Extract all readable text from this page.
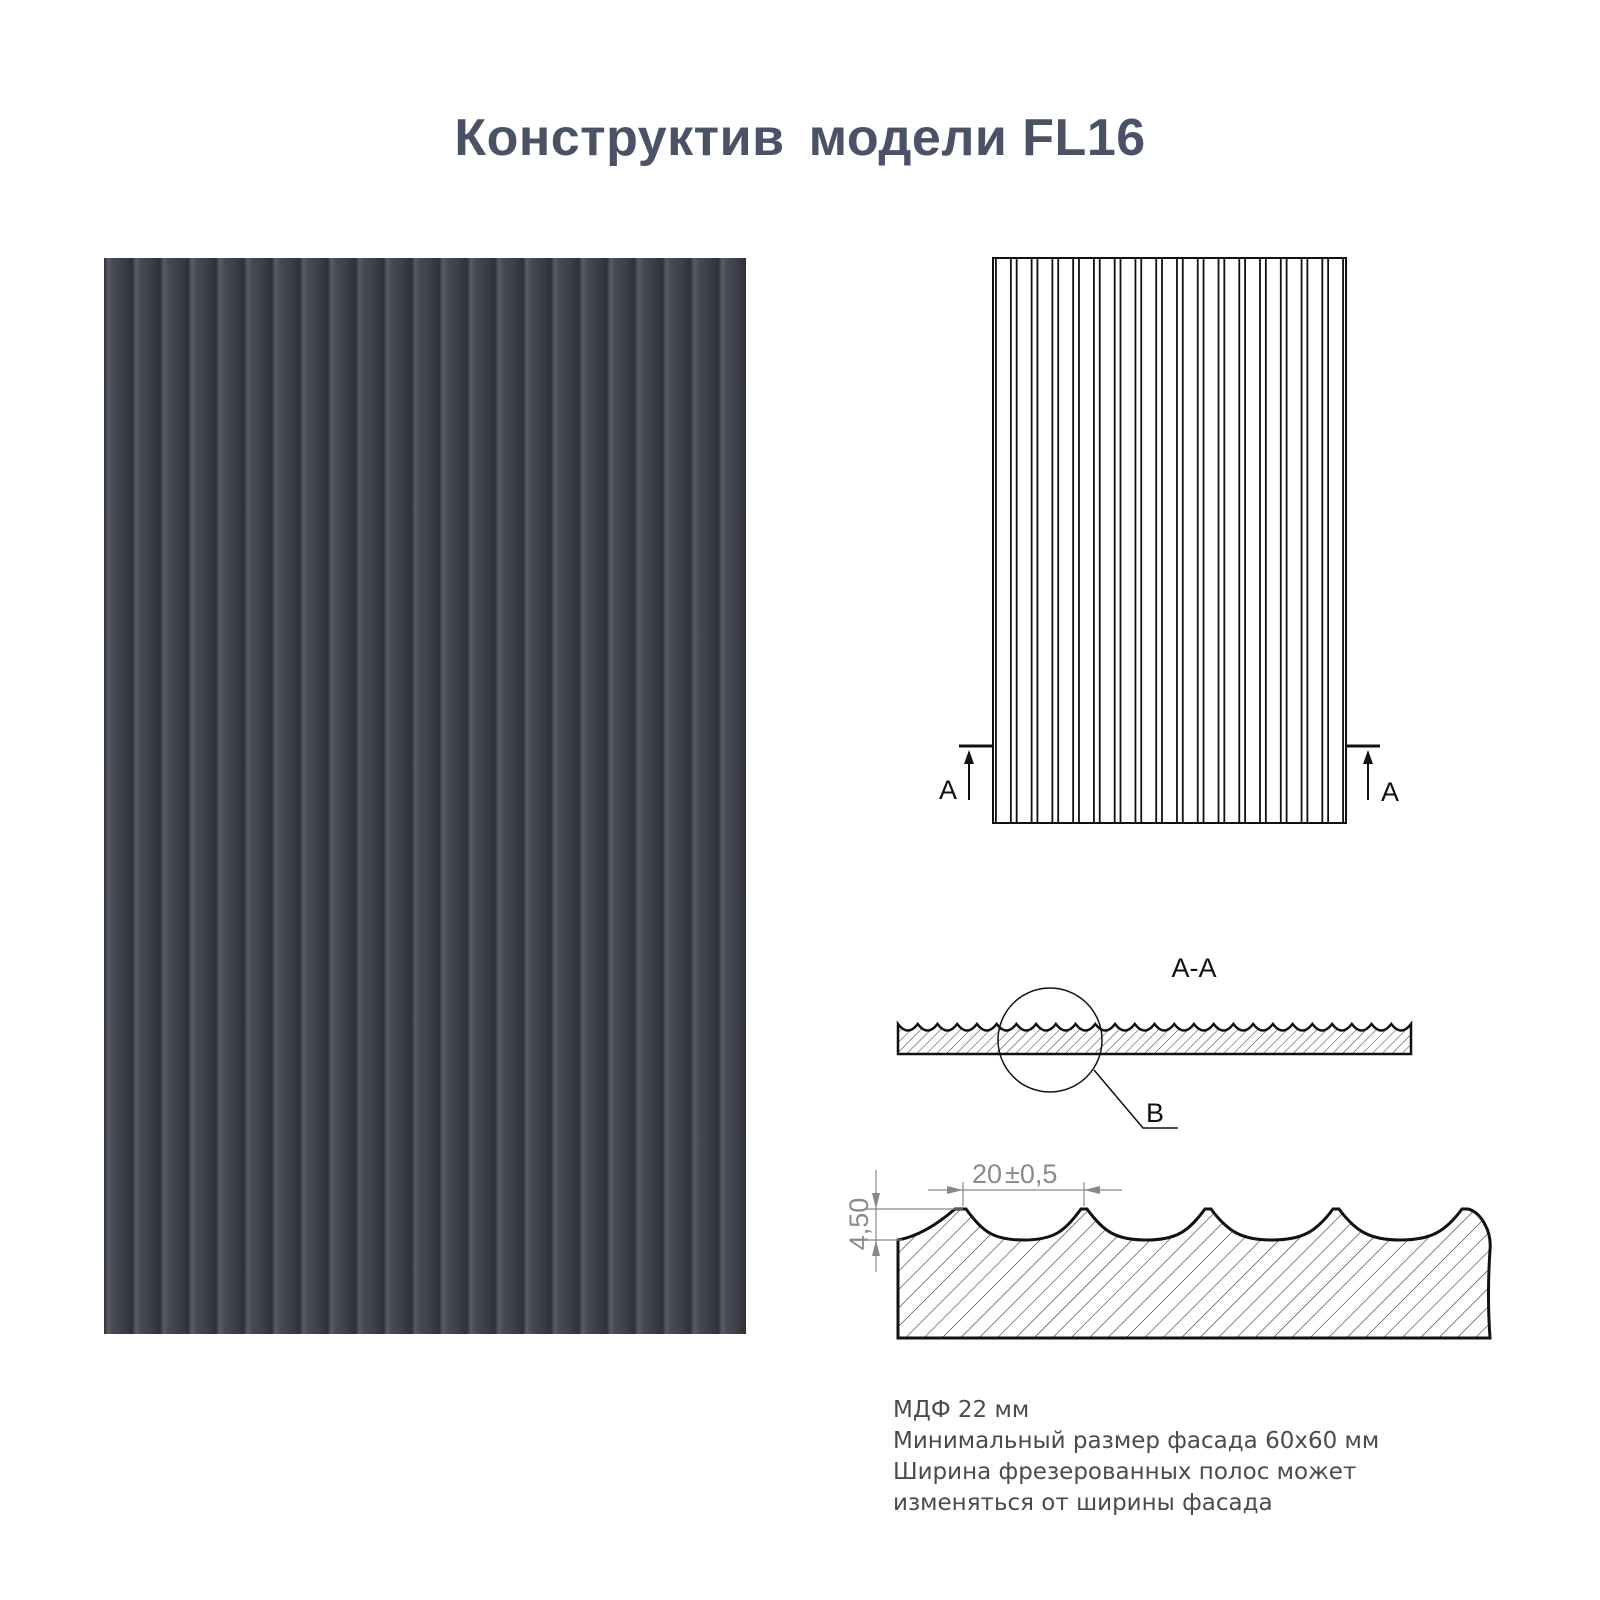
Конструктив модели FL16
A	A
A-A
B
20 ±0,5
4,50
МДФ 22 мм
Минимальный размер фасада 60x60 мм
Ширина фрезерованных полос может
изменяться от ширины фасада
